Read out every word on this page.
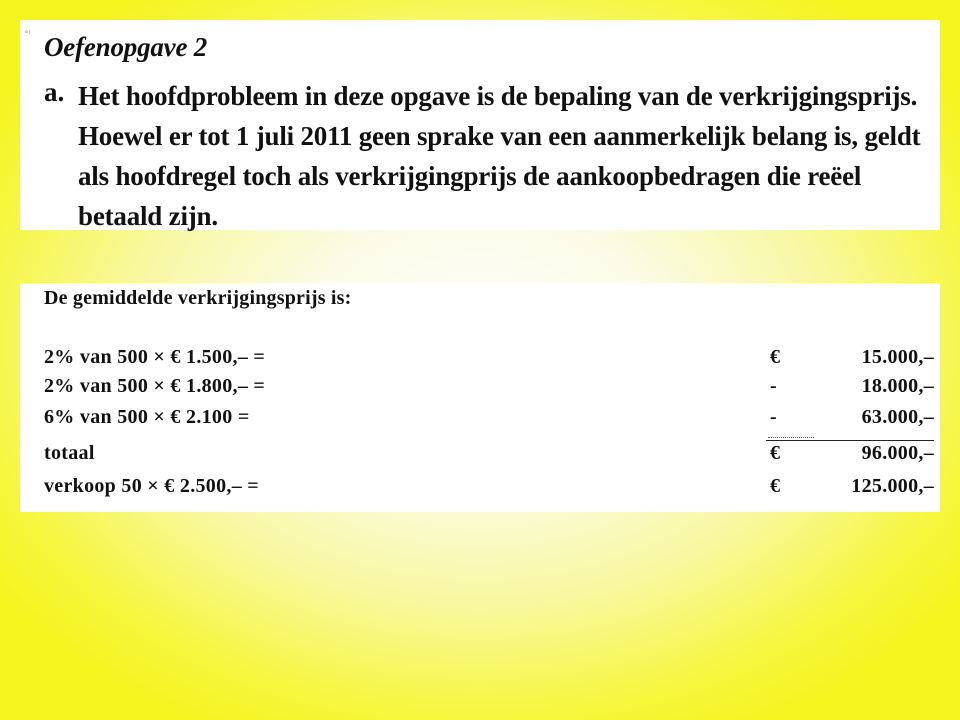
°ᴵ Oefenopgave 2
a. Het hoofdprobleem in deze opgave is de bepaling van de verkrijgingsprijs.
Hoewel er tot 1 juli 2011 geen sprake van een aanmerkelijk belang is, geldt
als hoofdregel toch als verkrijgingprijs de aankoopbedragen die reëel
betaald zijn.
De gemiddelde verkrijgingsprijs is:
2% van 500 × € 1.500,– =	€	15.000,–
2% van 500 × € 1.800,– =	-	18.000,–
6% van 500 × € 2.100 =	-	63.000,–
totaal	€	96.000,–
verkoop 50 × € 2.500,– =	€	125.000,–
